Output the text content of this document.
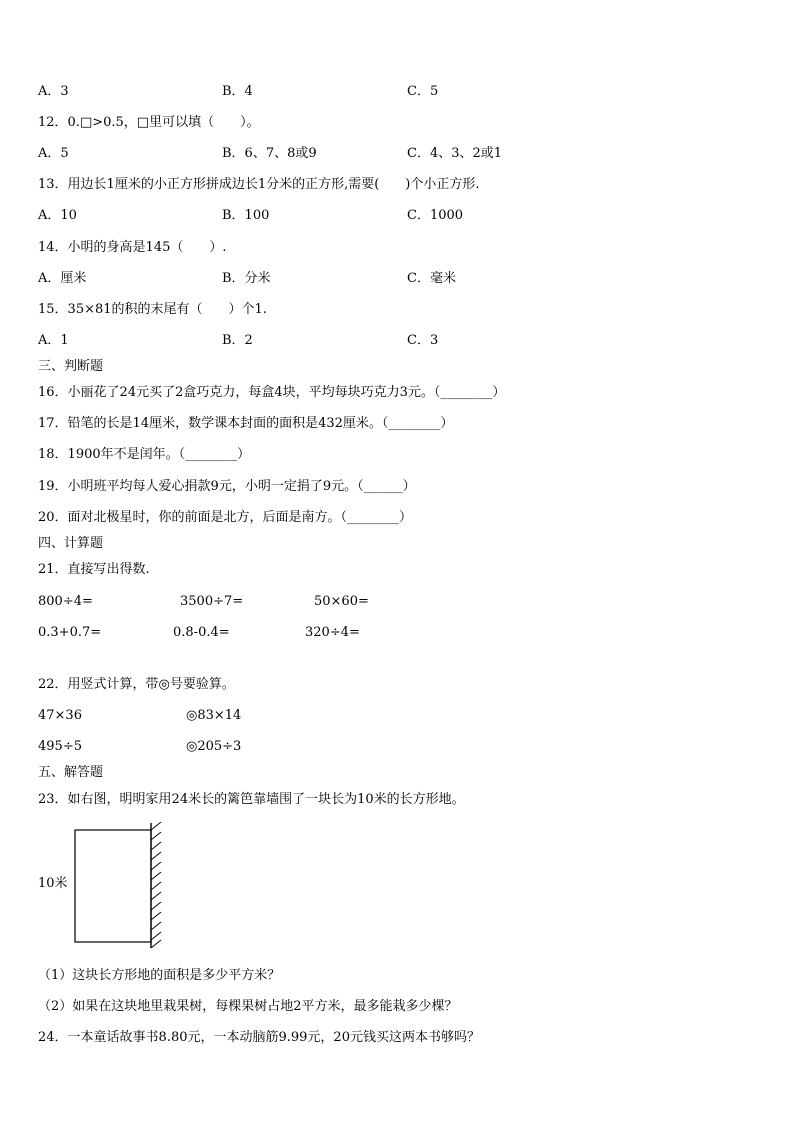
A．3	B．4	C．5
12．0.□>0.5，□里可以填（　　）。
A．5	B．6、7、8或9	C．4、3、2或1
13．用边长1厘米的小正方形拼成边长1分米的正方形,需要(　　)个小正方形.
A．10	B．100	C．1000
14．小明的身高是145（　　）.
A．厘米	B．分米	C．毫米
15．35×81的积的末尾有（　　）个1.
A．1	B．2	C．3
三、判断题
16．小丽花了24元买了2盒巧克力，每盒4块，平均每块巧克力3元。（________）
17．铅笔的长是14厘米，数学课本封面的面积是432厘米。（________）
18．1900年不是闰年。（________）
19．小明班平均每人爱心捐款9元，小明一定捐了9元。（______）
20．面对北极星时，你的前面是北方，后面是南方。（________）
四、计算题
21．直接写出得数.
800÷4=	3500÷7=	50×60=
0.3+0.7=	0.8-0.4=	320÷4=
22．用竖式计算，带◎号要验算。
47×36	◎83×14
495÷5	◎205÷3
五、解答题
23．如右图，明明家用24米长的篱笆靠墙围了一块长为10米的长方形地。
10米
（1）这块长方形地的面积是多少平方米？
（2）如果在这块地里栽果树，每棵果树占地2平方米，最多能栽多少棵？
24．一本童话故事书8.80元，一本动脑筋9.99元，20元钱买这两本书够吗？
